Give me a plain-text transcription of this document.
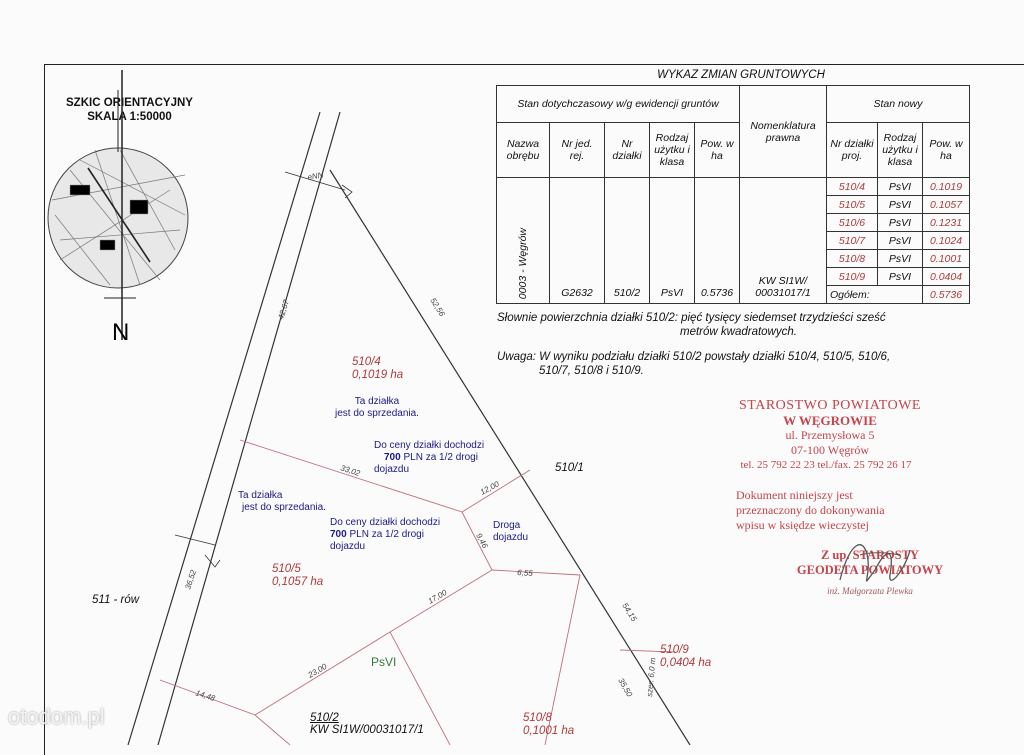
SZKIC ORIENTACYJNY
SKALA 1:50000
N
42,67	52,56
33,02
12,00
36,52
9,46
6,55
17,00
23,00
14,48
54,15
35,50 szer. 6,0 m
eNN
510/4
0,1019 ha
Ta działka
jest do sprzedania.
Do ceny działki dochodzi
700 PLN za 1/2 drogi
dojazdu
Ta działka
jest do sprzedania.
Do ceny działki dochodzi
700 PLN za 1/2 drogi
dojazdu
Droga
dojazdu
510/1
510/5
0,1057 ha
511 - rów
PsVI
510/9
0,0404 ha
510/2
KW SI1W/00031017/1
510/8
0,1001 ha
WYKAZ ZMIAN GRUNTOWYCH
Stan dotychczasowy w/g ewidencji gruntów					Nomenklatura prawna	Stan nowy		
Nazwa obrębu	Nr jed. rej.	Nr działki	Rodzaj użytku i klasa	Pow. w ha		Nr działki proj.	Rodzaj użytku i klasa	Pow. w ha

0003 - Węgrów	G2632	510/2	PsVI	0.5736	KW SI1W/ 00031017/1	510/4	PsVI	0.1019
						510/5	PsVI	0.1057
						510/6	PsVI	0.1231
						510/7	PsVI	0.1024
						510/8	PsVI	0.1001
						510/9	PsVI	0.0404
						Ogółem:		0.5736
Słownie powierzchnia działki 510/2: pięć tysięcy siedemset trzydzieści sześć
metrów kwadratowych.
Uwaga: W wyniku podziału działki 510/2 powstały działki 510/4, 510/5, 510/6,
510/7, 510/8 i 510/9.
STAROSTWO POWIATOWE
W WĘGROWIE
ul. Przemysłowa 5
07-100 Węgrów
tel. 25 792 22 23 tel./fax. 25 792 26 17
Dokument niniejszy jest
przeznaczony do dokonywania
wpisu w księdze wieczystej
Z up. STAROSTY
GEODETA POWIATOWY
inż. Małgorzata Plewka
otodom.pl
